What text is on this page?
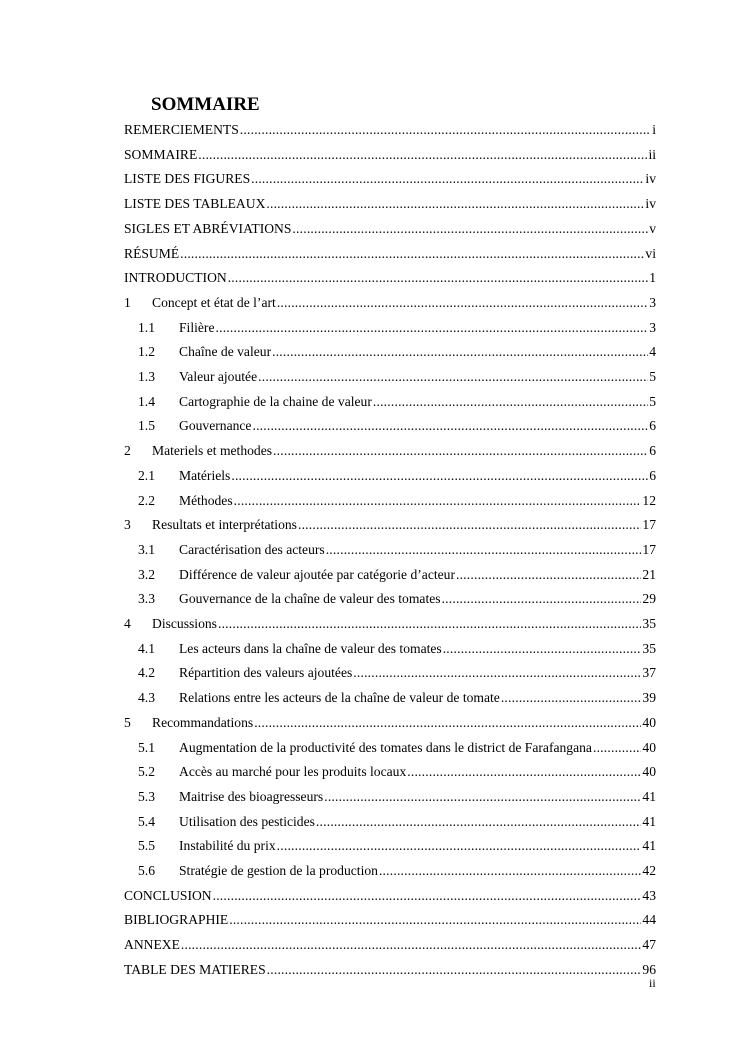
SOMMAIRE
REMERCIEMENTS .....	i
SOMMAIRE .....	ii
LISTE DES FIGURES .....	iv
LISTE DES TABLEAUX .....	iv
SIGLES ET ABRÉVIATIONS .....	v
RÉSUMÉ .....	vi
INTRODUCTION .....	1
1	Concept et état de l’art .....	3
1.1	Filière .....	3
1.2	Chaîne de valeur .....	4
1.3	Valeur ajoutée .....	5
1.4	Cartographie de la chaine de valeur .....	5
1.5	Gouvernance .....	6
2	Materiels et methodes .....	6
2.1	Matériels .....	6
2.2	Méthodes .....	12
3	Resultats et interprétations .....	17
3.1	Caractérisation des acteurs .....	17
3.2	Différence de valeur ajoutée par catégorie d’acteur .....	21
3.3	Gouvernance de la chaîne de valeur des tomates .....	29
4	Discussions .....	35
4.1	Les acteurs dans la chaîne de valeur des tomates .....	35
4.2	Répartition des valeurs ajoutées .....	37
4.3	Relations entre les acteurs de la chaîne de valeur de tomate .....	39
5	Recommandations .....	40
5.1	Augmentation de la productivité des tomates dans le district de Farafangana .....	40
5.2	Accès au marché pour les produits locaux .....	40
5.3	Maitrise des bioagresseurs .....	41
5.4	Utilisation des pesticides .....	41
5.5	Instabilité du prix .....	41
5.6	Stratégie de gestion de la production .....	42
CONCLUSION .....	43
BIBLIOGRAPHIE .....	44
ANNEXE .....	47
TABLE DES MATIERES .....	96
ii
